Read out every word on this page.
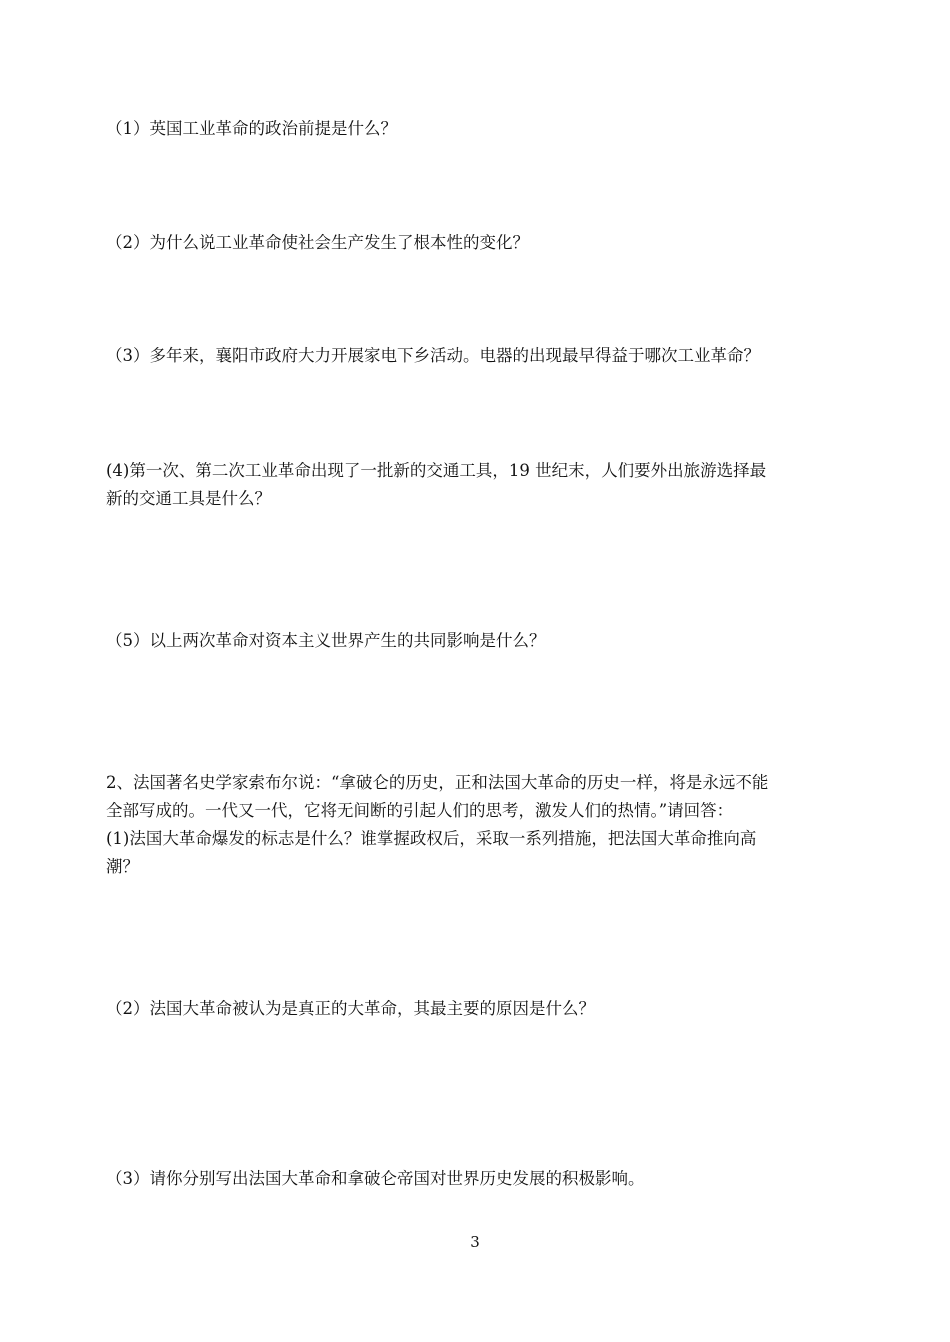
（1）英国工业革命的政治前提是什么？
（2）为什么说工业革命使社会生产发生了根本性的变化？
（3）多年来，襄阳市政府大力开展家电下乡活动。电器的出现最早得益于哪次工业革命？
(4)第一次、第二次工业革命出现了一批新的交通工具，19 世纪末，人们要外出旅游选择最
新的交通工具是什么？
（5）以上两次革命对资本主义世界产生的共同影响是什么？
2、法国著名史学家索布尔说：“拿破仑的历史，正和法国大革命的历史一样，将是永远不能
全部写成的。一代又一代，它将无间断的引起人们的思考，激发人们的热情。”请回答：
(1)法国大革命爆发的标志是什么？谁掌握政权后，采取一系列措施，把法国大革命推向高
潮？
（2）法国大革命被认为是真正的大革命，其最主要的原因是什么？
（3）请你分别写出法国大革命和拿破仑帝国对世界历史发展的积极影响。
3
